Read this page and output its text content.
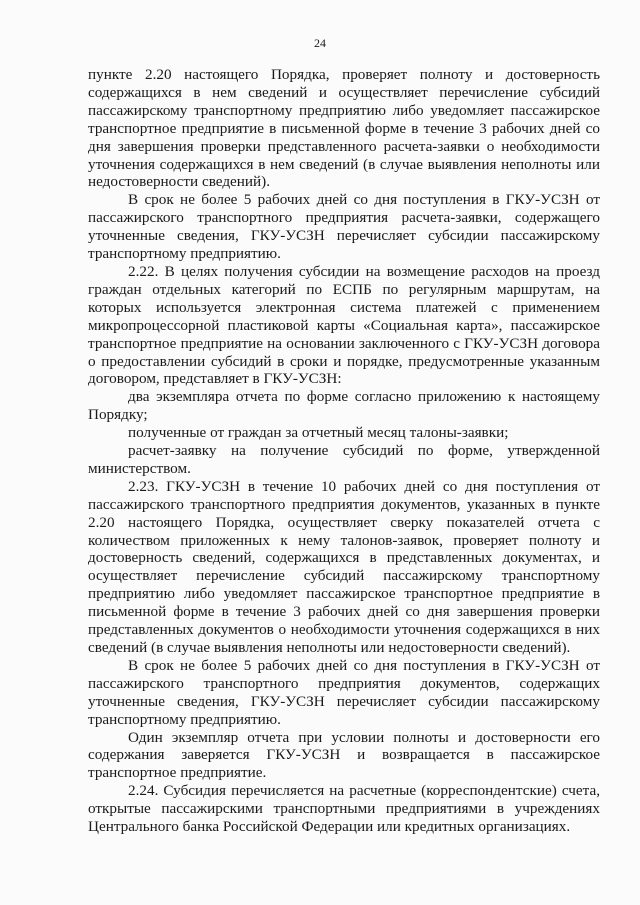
24

пункте 2.20 настоящего Порядка, проверяет полноту и достоверность содержащихся в нем сведений и осуществляет перечисление субсидий пассажирскому транспортному предприятию либо уведомляет пассажирское транспортное предприятие в письменной форме в течение 3 рабочих дней со дня завершения проверки представленного расчета-заявки о необходимости уточнения содержащихся в нем сведений (в случае выявления неполноты или недостоверности сведений).

В срок не более 5 рабочих дней со дня поступления в ГКУ-УСЗН от пассажирского транспортного предприятия расчета-заявки, содержащего уточненные сведения, ГКУ-УСЗН перечисляет субсидии пассажирскому транспортному предприятию.

2.22. В целях получения субсидии на возмещение расходов на проезд граждан отдельных категорий по ЕСПБ по регулярным маршрутам, на которых используется электронная система платежей с применением микропроцессорной пластиковой карты «Социальная карта», пассажирское транспортное предприятие на основании заключенного с ГКУ-УСЗН договора о предоставлении субсидий в сроки и порядке, предусмотренные указанным договором, представляет в ГКУ-УСЗН:

два экземпляра отчета по форме согласно приложению к настоящему Порядку;

полученные от граждан за отчетный месяц талоны-заявки;

расчет-заявку на получение субсидий по форме, утвержденной министерством.

2.23. ГКУ-УСЗН в течение 10 рабочих дней со дня поступления от пассажирского транспортного предприятия документов, указанных в пункте 2.20 настоящего Порядка, осуществляет сверку показателей отчета с количеством приложенных к нему талонов-заявок, проверяет полноту и достоверность сведений, содержащихся в представленных документах, и осуществляет перечисление субсидий пассажирскому транспортному предприятию либо уведомляет пассажирское транспортное предприятие в письменной форме в течение 3 рабочих дней со дня завершения проверки представленных документов о необходимости уточнения содержащихся в них сведений (в случае выявления неполноты или недостоверности сведений).

В срок не более 5 рабочих дней со дня поступления в ГКУ-УСЗН от пассажирского транспортного предприятия документов, содержащих уточненные сведения, ГКУ-УСЗН перечисляет субсидии пассажирскому транспортному предприятию.

Один экземпляр отчета при условии полноты и достоверности его содержания заверяется ГКУ-УСЗН и возвращается в пассажирское транспортное предприятие.

2.24. Субсидия перечисляется на расчетные (корреспондентские) счета, открытые пассажирскими транспортными предприятиями в учреждениях Центрального банка Российской Федерации или кредитных организациях.
